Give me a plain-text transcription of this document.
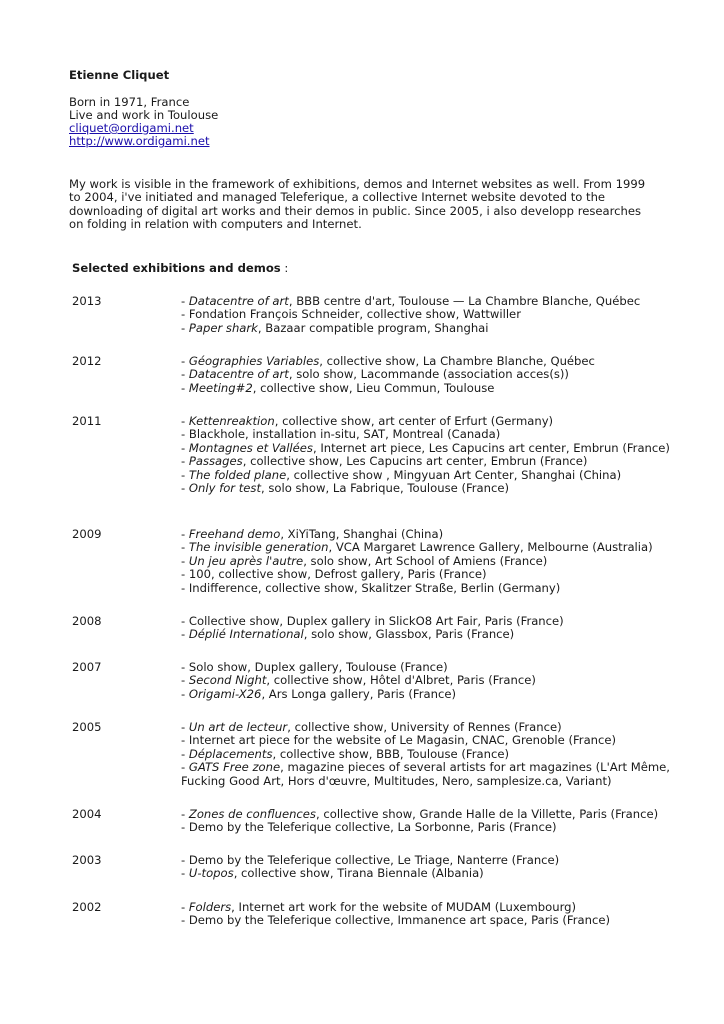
Etienne Cliquet
Born in 1971, France
Live and work in Toulouse
cliquet@ordigami.net
http://www.ordigami.net
My work is visible in the framework of exhibitions, demos and Internet websites as well. From 1999 to 2004, i've initiated and managed Teleferique, a collective Internet website devoted to the downloading of digital art works and their demos in public. Since 2005, i also developp researches on folding in relation with computers and Internet.
Selected exhibitions and demos :
2013	- Datacentre of art, BBB centre d'art, Toulouse — La Chambre Blanche, Québec
- Fondation François Schneider, collective show, Wattwiller
- Paper shark, Bazaar compatible program, Shanghai
2012	- Géographies Variables, collective show, La Chambre Blanche, Québec
- Datacentre of art, solo show, Lacommande (association acces(s))
- Meeting#2, collective show, Lieu Commun, Toulouse
2011	- Kettenreaktion, collective show, art center of Erfurt (Germany)
- Blackhole, installation in-situ, SAT, Montreal (Canada)
- Montagnes et Vallées, Internet art piece, Les Capucins art center, Embrun (France)
- Passages, collective show, Les Capucins art center, Embrun (France)
- The folded plane, collective show , Mingyuan Art Center, Shanghai (China)
- Only for test, solo show, La Fabrique, Toulouse (France)
2009	- Freehand demo, XiYiTang, Shanghai (China)
- The invisible generation, VCA Margaret Lawrence Gallery, Melbourne (Australia)
- Un jeu après l'autre, solo show, Art School of Amiens (France)
- 100, collective show, Defrost gallery, Paris (France)
- Indifference, collective show, Skalitzer Straße, Berlin (Germany)
2008	- Collective show, Duplex gallery in SlickO8 Art Fair, Paris (France)
- Déplié International, solo show, Glassbox, Paris (France)
2007	- Solo show, Duplex gallery, Toulouse (France)
- Second Night, collective show, Hôtel d'Albret, Paris (France)
- Origami-X26, Ars Longa gallery, Paris (France)
2005	- Un art de lecteur, collective show, University of Rennes (France)
- Internet art piece for the website of Le Magasin, CNAC, Grenoble (France)
- Déplacements, collective show, BBB, Toulouse (France)
- GATS Free zone, magazine pieces of several artists for art magazines (L'Art Même, Fucking Good Art, Hors d'œuvre, Multitudes, Nero, samplesize.ca, Variant)
2004	- Zones de confluences, collective show, Grande Halle de la Villette, Paris (France)
- Demo by the Teleferique collective, La Sorbonne, Paris (France)
2003	- Demo by the Teleferique collective, Le Triage, Nanterre (France)
- U-topos, collective show, Tirana Biennale (Albania)
2002	- Folders, Internet art work for the website of MUDAM (Luxembourg)
- Demo by the Teleferique collective, Immanence art space, Paris (France)
